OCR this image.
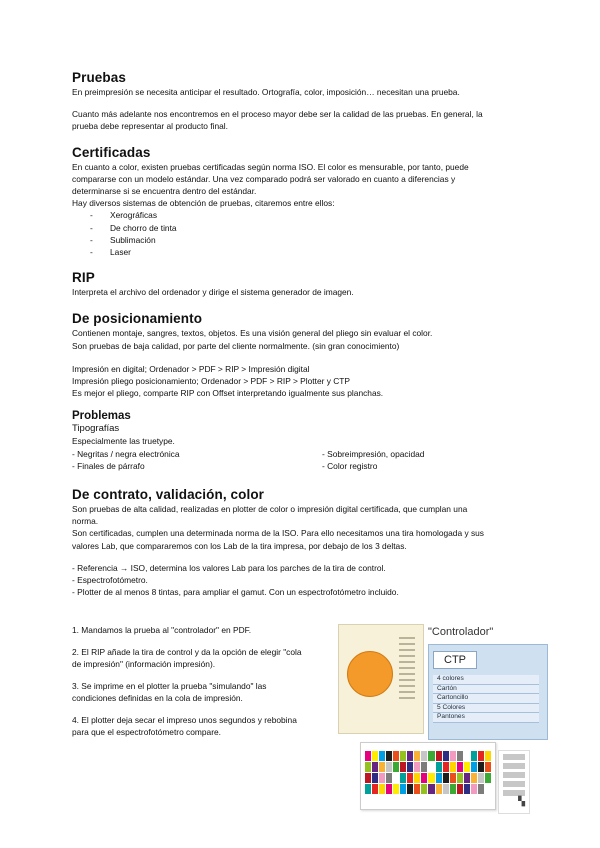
Pruebas

En preimpresión se necesita anticipar el resultado. Ortografía, color, imposición… necesitan una prueba.

Cuanto más adelante nos encontremos en el proceso mayor debe ser la calidad de las pruebas. En general, la

prueba debe representar al producto final.

Certificadas

En cuanto a color, existen pruebas certificadas según norma ISO. El color es mensurable, por tanto, puede

compararse con un modelo estándar. Una vez comparado podrá ser valorado en cuanto a diferencias y

determinarse si se encuentra dentro del estándar.

Hay diversos sistemas de obtención de pruebas, citaremos entre ellos:

- Xerográficas
- De chorro de tinta
- Sublimación
- Laser
RIP

Interpreta el archivo del ordenador y dirige el sistema generador de imagen.

De posicionamiento

Contienen montaje, sangres, textos, objetos. Es una visión general del pliego sin evaluar el color.

Son pruebas de baja calidad, por parte del cliente normalmente. (sin gran conocimiento)

Impresión en digital; Ordenador > PDF > RIP > Impresión digital

Impresión pliego posicionamiento; Ordenador > PDF > RIP > Plotter y CTP

Es mejor el pliego, comparte RIP con Offset interpretando igualmente sus planchas.

Problemas

Tipografías

Especialmente las truetype.

- Negritas / negra electrónica

- Finales de párrafo

- Sobreimpresión, opacidad

- Color registro

De contrato, validación, color

Son pruebas de alta calidad, realizadas en plotter de color o impresión digital certificada, que cumplan una

norma.

Son certificadas, cumplen una determinada norma de la ISO. Para ello necesitamos una tira homologada y sus

valores Lab, que compararemos con los Lab de la tira impresa, por debajo de los 3 deltas.

- Referencia → ISO, determina los valores Lab para los parches de la tira de control.

- Espectrofotómetro.

- Plotter de al menos 8 tintas, para ampliar el gamut. Con un espectrofotómetro incluido.

1. Mandamos la prueba al "controlador" en PDF.

2. El RIP añade la tira de control y da la opción de elegir "cola
de impresión" (información impresión).

3. Se imprime en el plotter la prueba "simulando" las
condiciones definidas en la cola de impresión.

4. El plotter deja secar el impreso unos segundos y rebobina
para que el espectrofotómetro compare.

"Controlador"
CTP
4 colores
Cartón
Cartoncillo
5 Colores
Pantones
▚
